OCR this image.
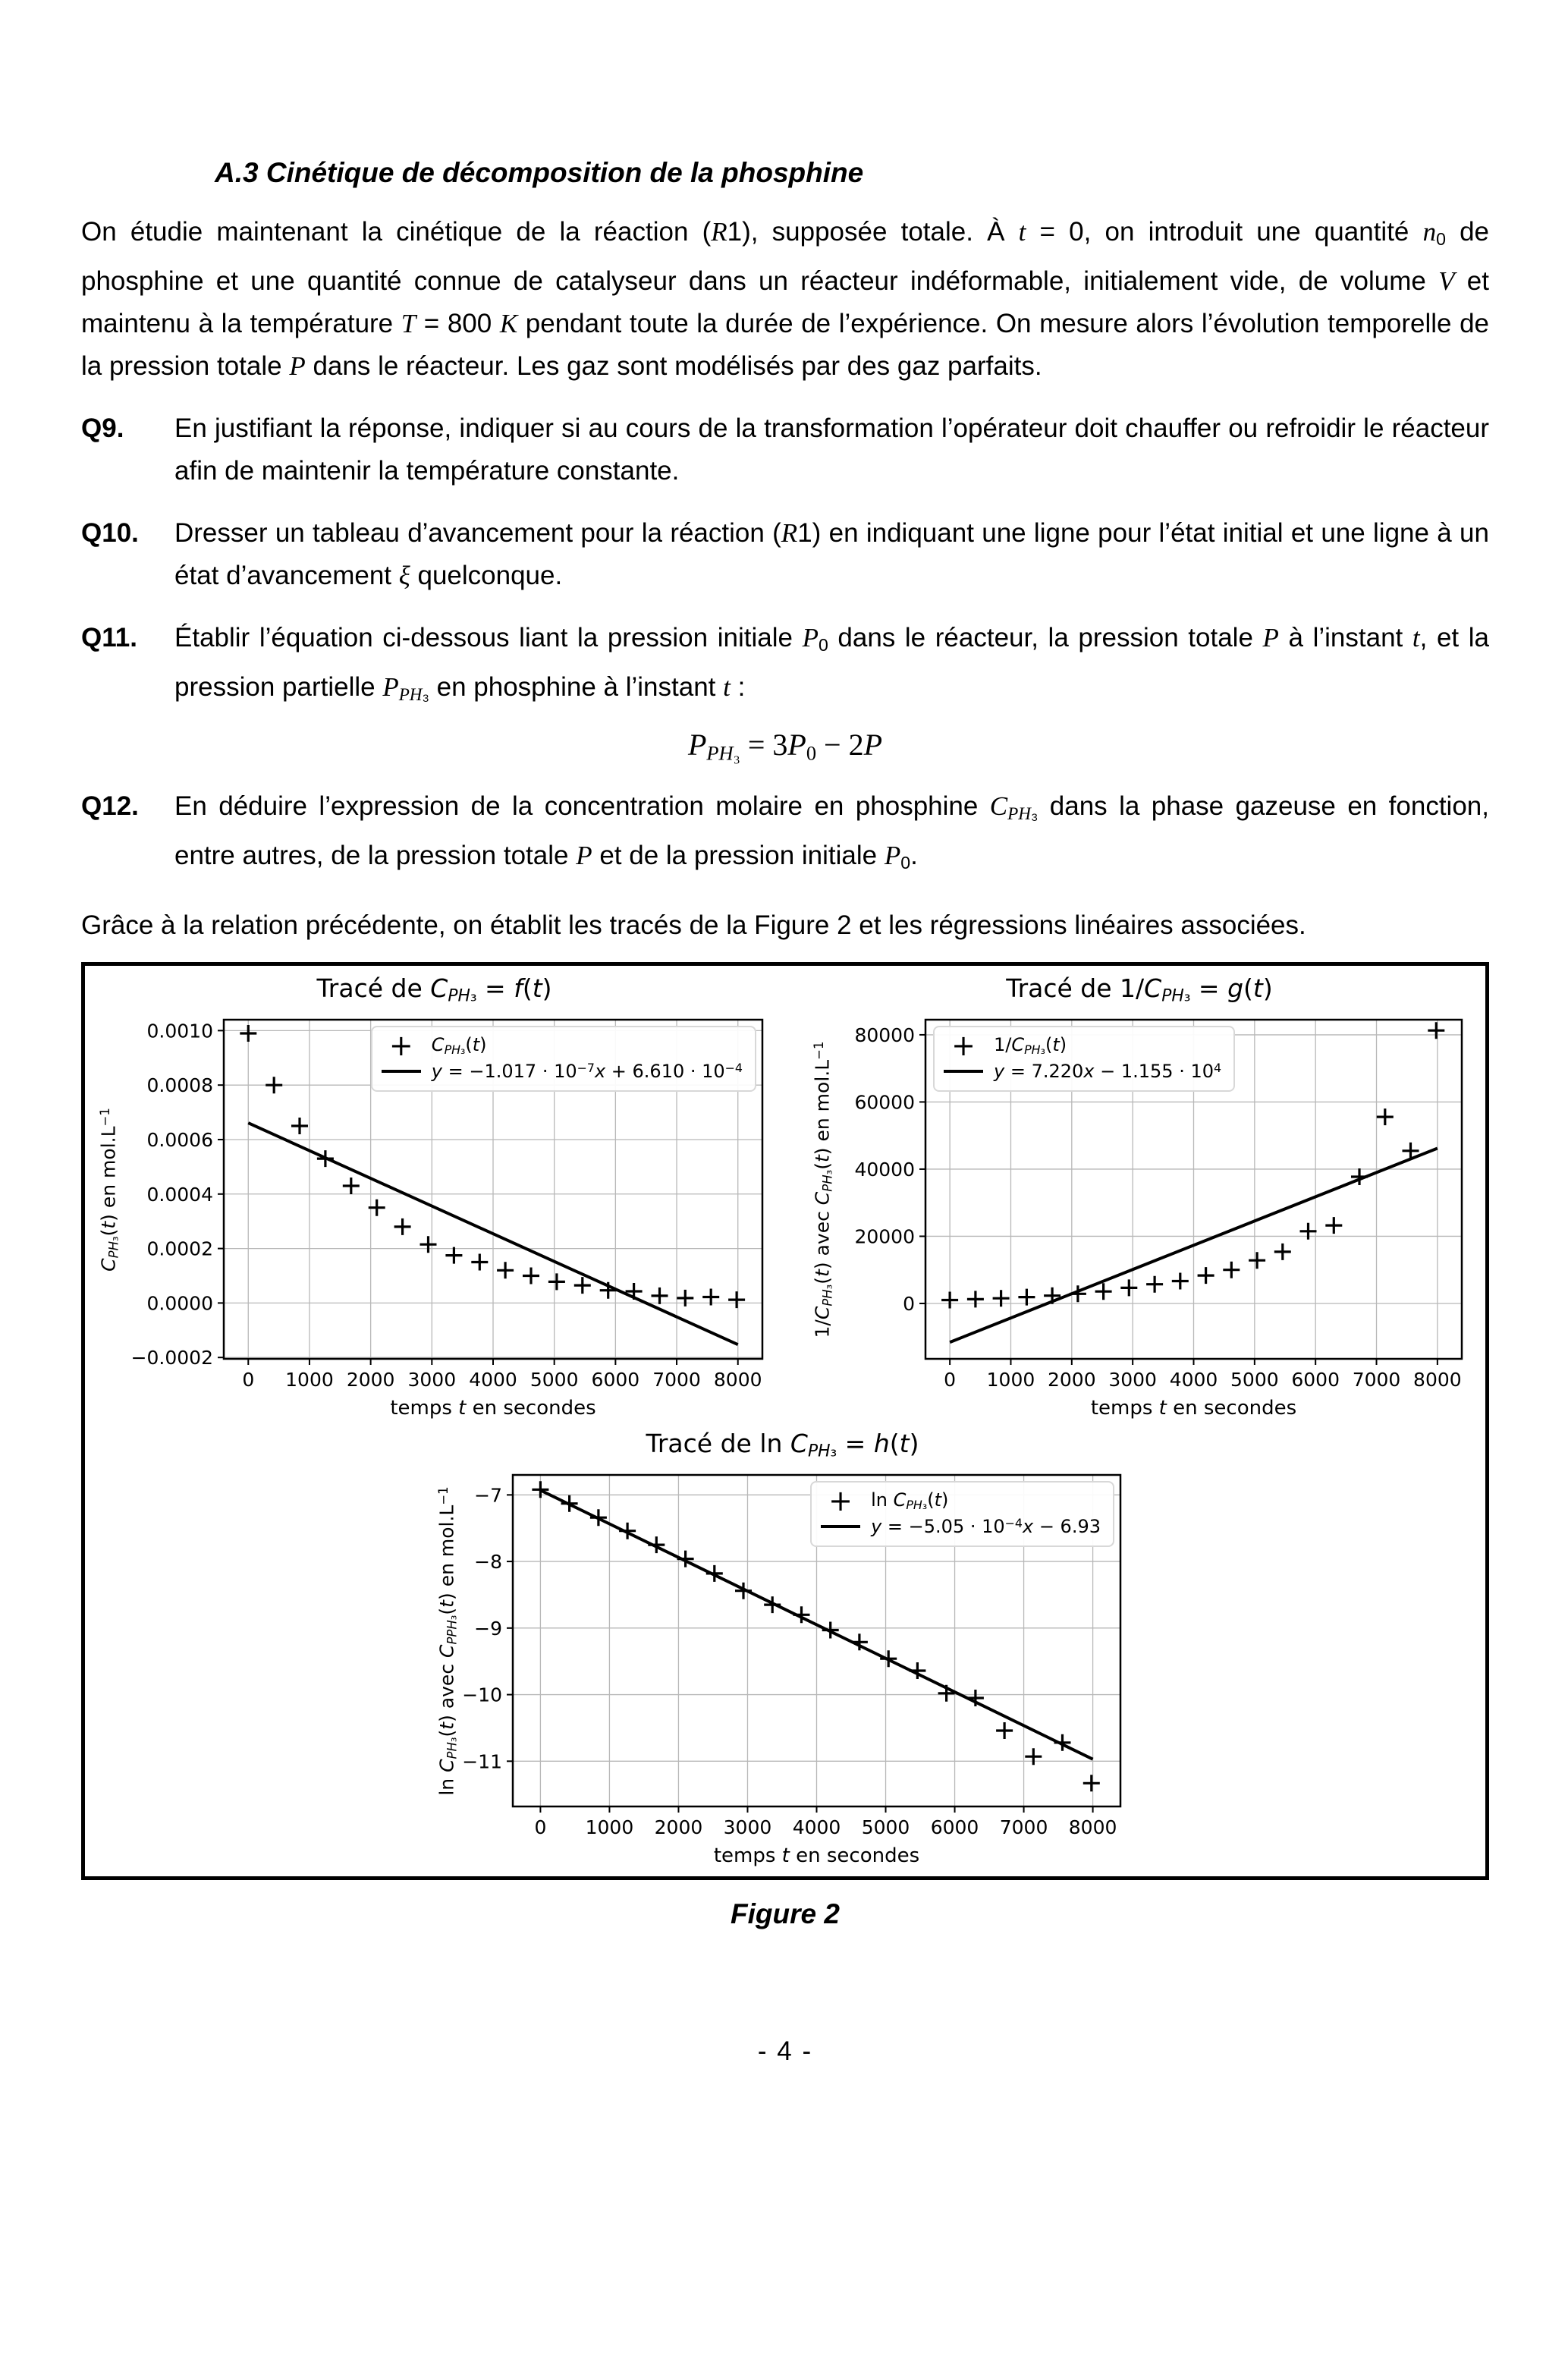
A.3 Cinétique de décomposition de la phosphine

On étudie maintenant la cinétique de la réaction (R1), supposée totale. À t = 0, on introduit une quantité $n_0$ de phosphine et une quantité connue de catalyseur dans un réacteur indéformable, initialement vide, de volume V et maintenu à la température T = 800 K pendant toute la durée de l’expérience. On mesure alors l’évolution temporelle de la pression totale P dans le réacteur. Les gaz sont modélisés par des gaz parfaits.

Q9.	En justifiant la réponse, indiquer si au cours de la transformation l’opérateur doit chauffer ou refroidir le réacteur afin de maintenir la température constante.
Q10.	Dresser un tableau d’avancement pour la réaction (R1) en indiquant une ligne pour l’état initial et une ligne à un état d’avancement ξ quelconque.
Q11.	Établir l’équation ci-dessous liant la pression initiale $P_0$ dans le réacteur, la pression totale P à l’instant t, et la pression partielle $P_{PH_3}$ en phosphine à l’instant t :
$P_{PH_3} = 3P_0 - 2P$
Q12.	En déduire l’expression de la concentration molaire en phosphine $C_{PH_3}$ dans la phase gazeuse en fonction, entre autres, de la pression totale P et de la pression initiale $P_0$.

Grâce à la relation précédente, on établit les tracés de la Figure 2 et les régressions linéaires associées.

Tracé de $C_{PH_3} = f(t)$
0 1000 2000 3000 4000 5000 6000 7000 8000
−0.0002
0.0000
0.0002
0.0004
0.0006
0.0008
0.0010
$C_{PH_3}(t)$ en $mol.L^{-1}$
+	$C_{PH_3}(t)$
$y = -1.017 \cdot 10^{-7}x + 6.610 \cdot 10^{-4}$
temps t en secondes
Tracé de $1/C_{PH_3} = g(t)$
0 1000 2000 3000 4000 5000 6000 7000 8000
0
20000
40000
60000
80000
$1/C_{PH_3}(t)$ avec $C_{PH_3}(t)$ en $mol.L^{-1}$	+	$1/C_{PH_3}(t)$
$y = 7.220x - 1.155 \cdot 10^4$
temps t en secondes
Tracé de $\ln C_{PH_3} = h(t)$
0 1000 2000 3000 4000 5000 6000 7000 8000
−11
−10
−9
−8
−7
$\ln C_{PH_3}(t)$ avec $C_{PPH_3}(t)$ en $mol.L^{-1}$	+	$\ln C_{PH_3}(t)$
$y = -5.05 \cdot 10^{-4}x - 6.93$
temps t en secondes
Figure 2
- 4 -
